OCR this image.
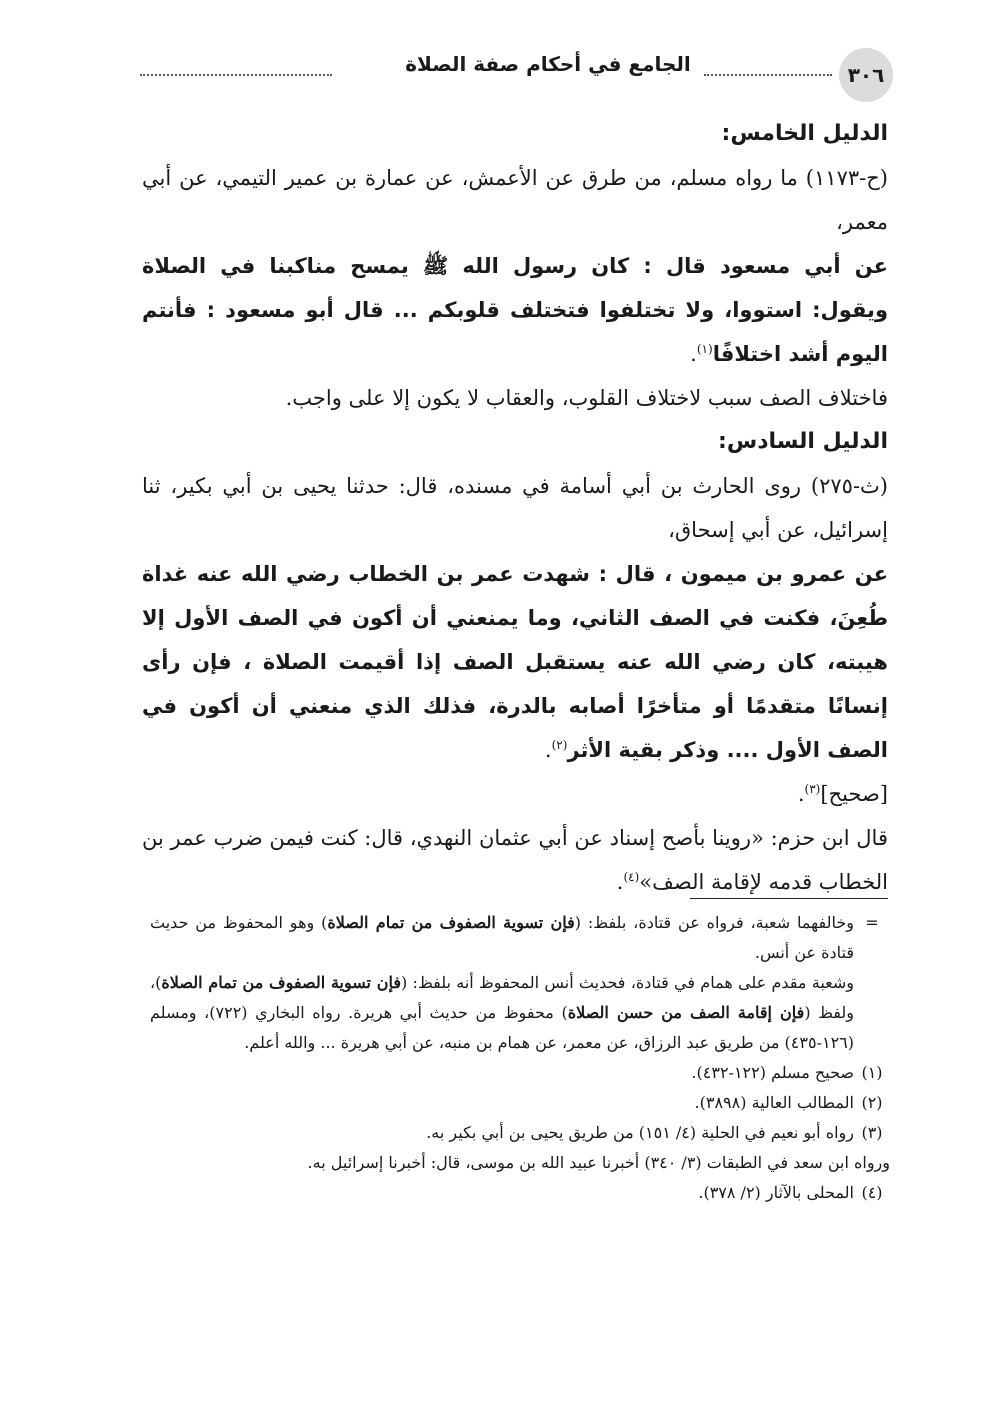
٣٠٦
الجامع في أحكام صفة الصلاة

الدليل الخامس:

(ح-١١٧٣) ما رواه مسلم، من طرق عن الأعمش، عن عمارة بن عمير التيمي، عن أبي معمر،

عن أبي مسعود قال : كان رسول الله ﷺ يمسح مناكبنا في الصلاة ويقول: استووا، ولا تختلفوا فتختلف قلوبكم ... قال أبو مسعود : فأنتم اليوم أشد اختلافًا$^{(١)}$.

فاختلاف الصف سبب لاختلاف القلوب، والعقاب لا يكون إلا على واجب.

الدليل السادس:

(ث-٢٧٥) روى الحارث بن أبي أسامة في مسنده، قال: حدثنا يحيى بن أبي بكير، ثنا إسرائيل، عن أبي إسحاق،

عن عمرو بن ميمون ، قال : شهدت عمر بن الخطاب رضي الله عنه غداة طُعِنَ، فكنت في الصف الثاني، وما يمنعني أن أكون في الصف الأول إلا هيبته، كان رضي الله عنه يستقبل الصف إذا أقيمت الصلاة ، فإن رأى إنسانًا متقدمًا أو متأخرًا أصابه بالدرة، فذلك الذي منعني أن أكون في الصف الأول .... وذكر بقية الأثر$^{(٢)}$.

[صحيح]$^{(٣)}$.

قال ابن حزم: «روينا بأصح إسناد عن أبي عثمان النهدي، قال: كنت فيمن ضرب عمر بن الخطاب قدمه لإقامة الصف»$^{(٤)}$.

=
وخالفهما شعبة، فرواه عن قتادة، بلفظ: (فإن تسوية الصفوف من تمام الصلاة) وهو المحفوظ من حديث قتادة عن أنس.
وشعبة مقدم على همام في قتادة، فحديث أنس المحفوظ أنه بلفظ: (فإن تسوية الصفوف من تمام الصلاة)، ولفظ (فإن إقامة الصف من حسن الصلاة) محفوظ من حديث أبي هريرة. رواه البخاري (٧٢٢)، ومسلم (١٢٦-٤٣٥) من طريق عبد الرزاق، عن معمر، عن همام بن منبه، عن أبي هريرة ... والله أعلم.
(١)
صحيح مسلم (١٢٢-٤٣٢).
(٢)
المطالب العالية (٣٨٩٨).
(٣)
رواه أبو نعيم في الحلية (٤/ ١٥١) من طريق يحيى بن أبي بكير به.
ورواه ابن سعد في الطبقات (٣/ ٣٤٠) أخبرنا عبيد الله بن موسى، قال: أخبرنا إسرائيل به.
(٤)
المحلى بالآثار (٢/ ٣٧٨).
